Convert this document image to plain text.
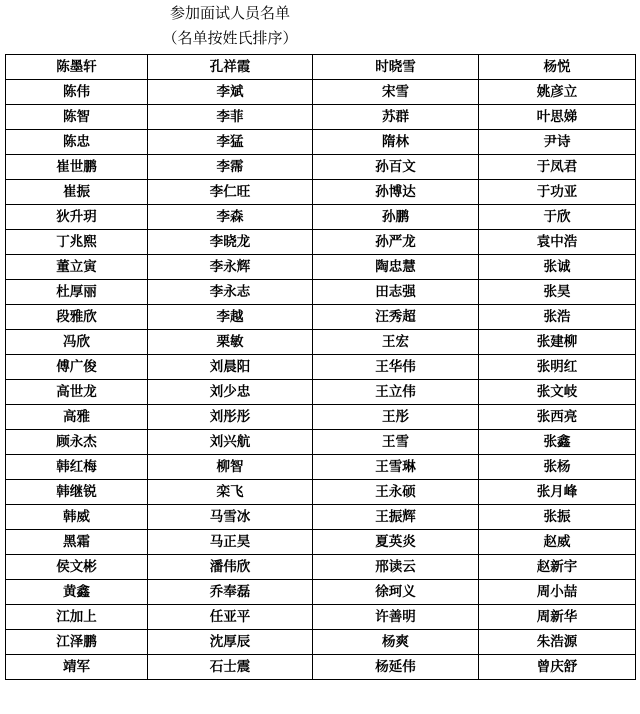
参加面试人员名单
（名单按姓氏排序）
陈墨轩	孔祥霞	时晓雪	杨悦
陈伟	李斌	宋雪	姚彦立
陈智	李菲	苏群	叶思娣
陈忠	李猛	隋林	尹诗
崔世鹏	李霈	孙百文	于凤君
崔振	李仁旺	孙博达	于功亚
狄升玥	李森	孙鹏	于欣
丁兆熙	李晓龙	孙严龙	袁中浩
董立寅	李永辉	陶忠慧	张诚
杜厚丽	李永志	田志强	张昊
段雅欣	李越	汪秀超	张浩
冯欣	栗敏	王宏	张建柳
傅广俊	刘晨阳	王华伟	张明红
高世龙	刘少忠	王立伟	张文岐
高雅	刘彤彤	王彤	张西亮
顾永杰	刘兴航	王雪	张鑫
韩红梅	柳智	王雪琳	张杨
韩继锐	栾飞	王永硕	张月峰
韩威	马雪冰	王振辉	张振
黑霜	马正昊	夏英炎	赵威
侯文彬	潘伟欣	邢读云	赵新宇
黄鑫	乔奉磊	徐珂义	周小喆
江加上	任亚平	许善明	周新华
江泽鹏	沈厚辰	杨爽	朱浩源
靖军	石士震	杨延伟	曾庆舒
